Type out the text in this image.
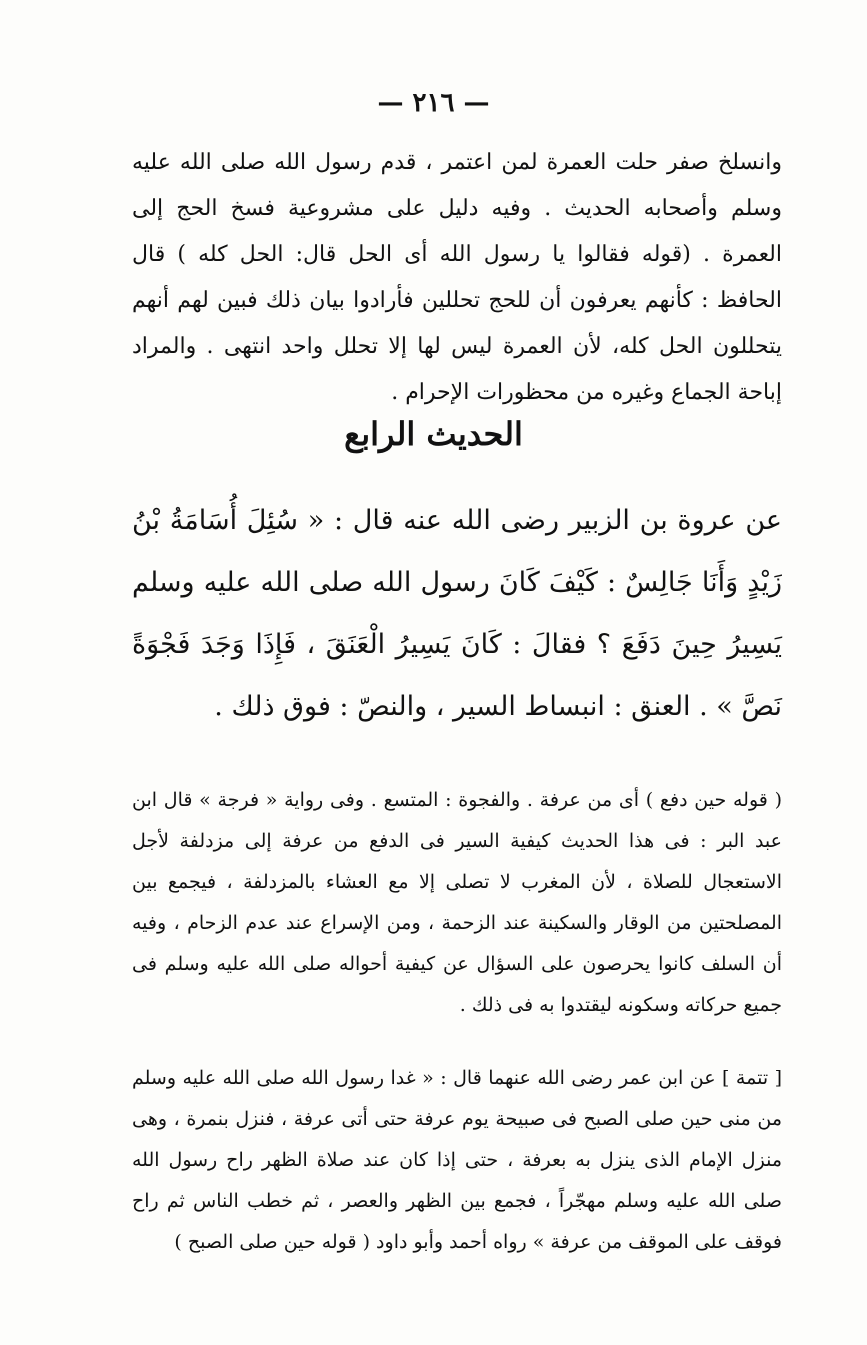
— ٢١٦ —

وانسلخ صفر حلت العمرة لمن اعتمر ، قدم رسول الله صلى الله عليه وسلم وأصحابه الحديث . وفيه دليل على مشروعية فسخ الحج إلى العمرة . (قوله فقالوا يا رسول الله أى الحل قال: الحل كله ) قال الحافظ : كأنهم يعرفون أن للحج تحللين فأرادوا بيان ذلك فبين لهم أنهم يتحللون الحل كله، لأن العمرة ليس لها إلا تحلل واحد انتهى . والمراد إباحة الجماع وغيره من محظورات الإحرام .

الحديث الرابع

عن عروة بن الزبير رضى الله عنه قال : « سُئِلَ أُسَامَةُ بْنُ زَيْدٍ وَأَنَا جَالِسٌ : كَيْفَ كَانَ رسول الله صلى الله عليه وسلم يَسِيرُ حِينَ دَفَعَ ؟ فقالَ : كَانَ يَسِيرُ الْعَنَقَ ، فَإِذَا وَجَدَ فَجْوَةً نَصَّ » . العنق : انبساط السير ، والنصّ : فوق ذلك .

( قوله حين دفع ) أى من عرفة . والفجوة : المتسع . وفى رواية « فرجة » قال ابن عبد البر : فى هذا الحديث كيفية السير فى الدفع من عرفة إلى مزدلفة لأجل الاستعجال للصلاة ، لأن المغرب لا تصلى إلا مع العشاء بالمزدلفة ، فيجمع بين المصلحتين من الوقار والسكينة عند الزحمة ، ومن الإسراع عند عدم الزحام ، وفيه أن السلف كانوا يحرصون على السؤال عن كيفية أحواله صلى الله عليه وسلم فى جميع حركاته وسكونه ليقتدوا به فى ذلك .

[ تتمة ] عن ابن عمر رضى الله عنهما قال : « غدا رسول الله صلى الله عليه وسلم من منى حين صلى الصبح فى صبيحة يوم عرفة حتى أتى عرفة ، فنزل بنمرة ، وهى منزل الإمام الذى ينزل به بعرفة ، حتى إذا كان عند صلاة الظهر راح رسول الله صلى الله عليه وسلم مهجّراً ، فجمع بين الظهر والعصر ، ثم خطب الناس ثم راح فوقف على الموقف من عرفة » رواه أحمد وأبو داود ( قوله حين صلى الصبح )
